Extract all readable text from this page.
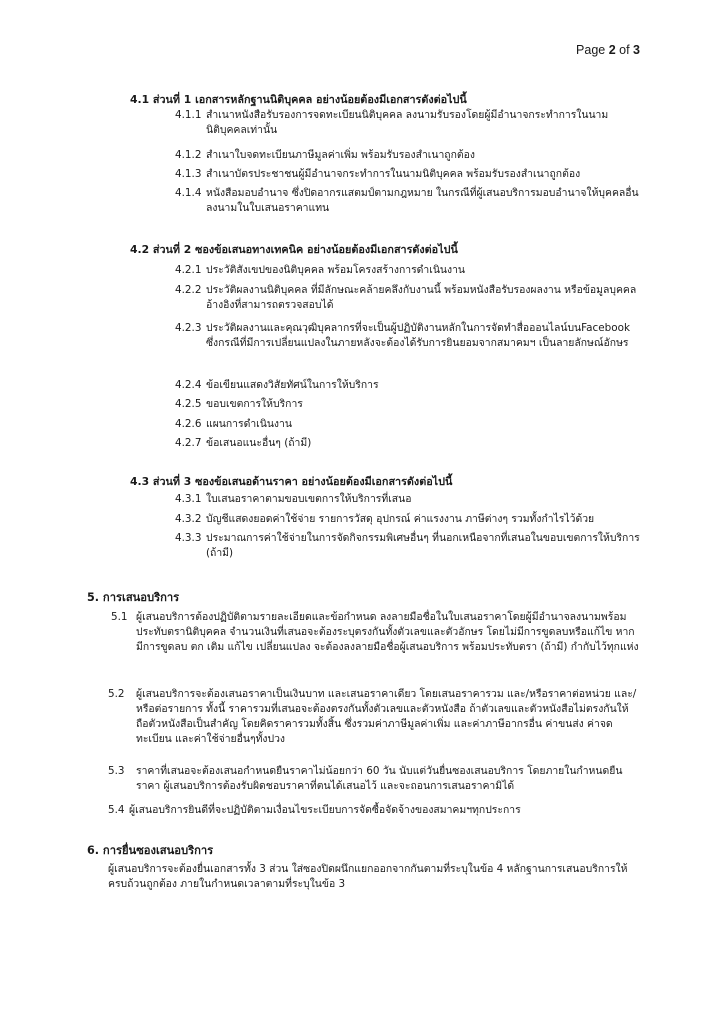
Page 2 of 3
4.1 ส่วนที่ 1 เอกสารหลักฐานนิติบุคคล อย่างน้อยต้องมีเอกสารดังต่อไปนี้
4.1.1 สำเนาหนังสือรับรองการจดทะเบียนนิติบุคคล ลงนามรับรองโดยผู้มีอำนาจกระทำการในนามนิติบุคคลเท่านั้น
4.1.2 สำเนาใบจดทะเบียนภาษีมูลค่าเพิ่ม พร้อมรับรองสำเนาถูกต้อง
4.1.3 สำเนาบัตรประชาชนผู้มีอำนาจกระทำการในนามนิติบุคคล พร้อมรับรองสำเนาถูกต้อง
4.1.4 หนังสือมอบอำนาจ ซึ่งปิดอากรแสตมป์ตามกฎหมาย ในกรณีที่ผู้เสนอบริการมอบอำนาจให้บุคคลอื่นลงนามในใบเสนอราคาแทน
4.2 ส่วนที่ 2 ซองข้อเสนอทางเทคนิค อย่างน้อยต้องมีเอกสารดังต่อไปนี้
4.2.1 ประวัติสังเขปของนิติบุคคล พร้อมโครงสร้างการดำเนินงาน
4.2.2 ประวัติผลงานนิติบุคคล ที่มีลักษณะคล้ายคลึงกับงานนี้ พร้อมหนังสือรับรองผลงาน หรือข้อมูลบุคคลอ้างอิงที่สามารถตรวจสอบได้
4.2.3 ประวัติผลงานและคุณวุฒิบุคลากรที่จะเป็นผู้ปฏิบัติงานหลักในการจัดทำสื่อออนไลน์บนFacebook ซึ่งกรณีที่มีการเปลี่ยนแปลงในภายหลังจะต้องได้รับการยินยอมจากสมาคมฯ เป็นลายลักษณ์อักษร
4.2.4 ข้อเขียนแสดงวิสัยทัศน์ในการให้บริการ
4.2.5 ขอบเขตการให้บริการ
4.2.6 แผนการดำเนินงาน
4.2.7 ข้อเสนอแนะอื่นๆ (ถ้ามี)
4.3 ส่วนที่ 3 ซองข้อเสนอด้านราคา อย่างน้อยต้องมีเอกสารดังต่อไปนี้
4.3.1 ใบเสนอราคาตามขอบเขตการให้บริการที่เสนอ
4.3.2 บัญชีแสดงยอดค่าใช้จ่าย รายการวัสดุ อุปกรณ์ ค่าแรงงาน ภาษีต่างๆ รวมทั้งกำไรไว้ด้วย
4.3.3 ประมาณการค่าใช้จ่ายในการจัดกิจกรรมพิเศษอื่นๆ ที่นอกเหนือจากที่เสนอในขอบเขตการให้บริการ (ถ้ามี)
5. การเสนอบริการ
5.1 ผู้เสนอบริการต้องปฏิบัติตามรายละเอียดและข้อกำหนด ลงลายมือชื่อในใบเสนอราคาโดยผู้มีอำนาจลงนามพร้อมประทับตรานิติบุคคล จำนวนเงินที่เสนอจะต้องระบุตรงกันทั้งตัวเลขและตัวอักษร โดยไม่มีการขูดลบหรือแก้ไข หากมีการขูดลบ ตก เติม แก้ไข เปลี่ยนแปลง จะต้องลงลายมือชื่อผู้เสนอบริการ พร้อมประทับตรา (ถ้ามี) กำกับไว้ทุกแห่ง
5.2	ผู้เสนอบริการจะต้องเสนอราคาเป็นเงินบาท และเสนอราคาเดียว โดยเสนอราคารวม และ/หรือราคาต่อหน่วย และ/หรือต่อรายการ ทั้งนี้ ราคารวมที่เสนอจะต้องตรงกันทั้งตัวเลขและตัวหนังสือ ถ้าตัวเลขและตัวหนังสือไม่ตรงกันให้ถือตัวหนังสือเป็นสำคัญ โดยคิดราคารวมทั้งสิ้น ซึ่งรวมค่าภาษีมูลค่าเพิ่ม และค่าภาษีอากรอื่น ค่าขนส่ง ค่าจดทะเบียน และค่าใช้จ่ายอื่นๆทั้งปวง
5.3	ราคาที่เสนอจะต้องเสนอกำหนดยืนราคาไม่น้อยกว่า 60 วัน นับแต่วันยื่นซองเสนอบริการ โดยภายในกำหนดยืนราคา ผู้เสนอบริการต้องรับผิดชอบราคาที่ตนได้เสนอไว้ และจะถอนการเสนอราคามิได้
5.4 ผู้เสนอบริการยินดีที่จะปฏิบัติตามเงื่อนไขระเบียบการจัดซื้อจัดจ้างของสมาคมฯทุกประการ
6. การยื่นซองเสนอบริการ
ผู้เสนอบริการจะต้องยื่นเอกสารทั้ง 3 ส่วน ใส่ซองปิดผนึกแยกออกจากกันตามที่ระบุในข้อ 4 หลักฐานการเสนอบริการให้ครบถ้วนถูกต้อง ภายในกำหนดเวลาตามที่ระบุในข้อ 3
